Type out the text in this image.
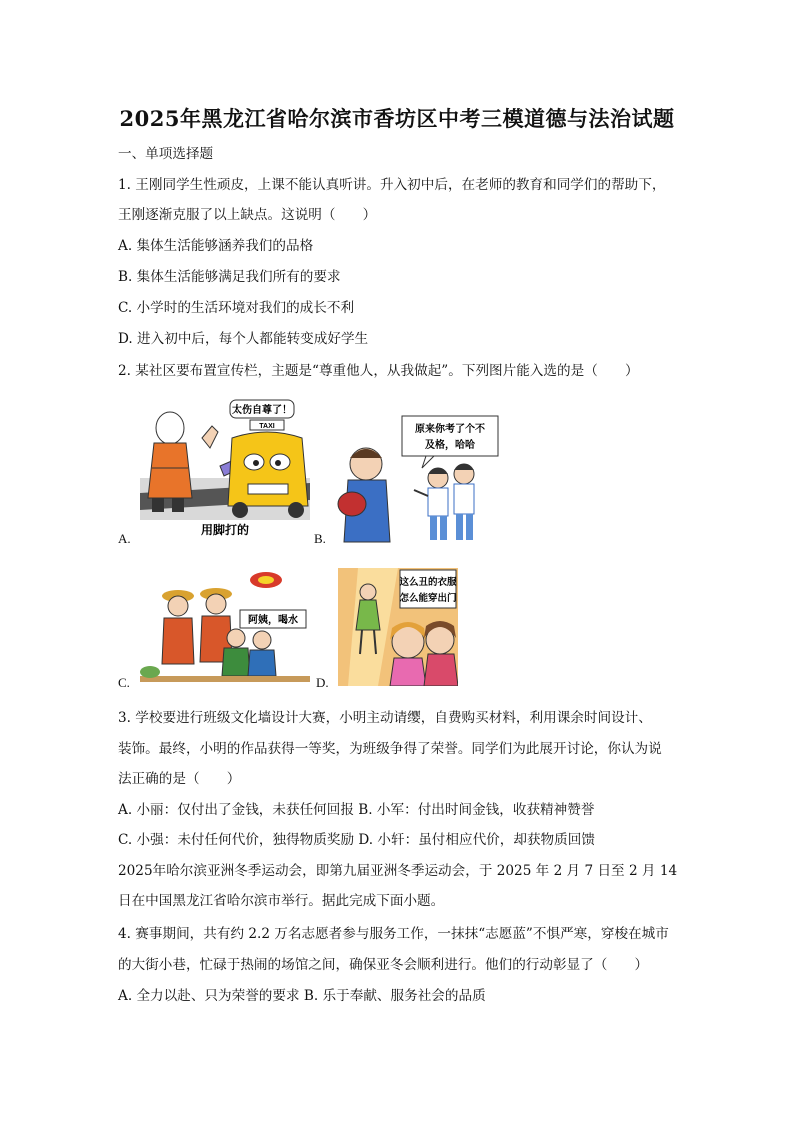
2025年黑龙江省哈尔滨市香坊区中考三模道德与法治试题
一、单项选择题
1. 王刚同学生性顽皮，上课不能认真听讲。升入初中后，在老师的教育和同学们的帮助下，
王刚逐渐克服了以上缺点。这说明（　　）
A. 集体生活能够涵养我们的品格
B. 集体生活能够满足我们所有的要求
C. 小学时的生活环境对我们的成长不利
D. 进入初中后，每个人都能转变成好学生
2. 某社区要布置宣传栏，主题是“尊重他人，从我做起”。下列图片能入选的是（　　）
A.
TAXI
太伤自尊了！
用脚打的
B.
原来你考了个不
及格，哈哈
C.
阿姨，喝水
D.
这么丑的衣服
怎么能穿出门
3. 学校要进行班级文化墙设计大赛，小明主动请缨，自费购买材料，利用课余时间设计、
装饰。最终，小明的作品获得一等奖，为班级争得了荣誉。同学们为此展开讨论，你认为说
法正确的是（　　）
A. 小丽：仅付出了金钱，未获任何回报 B. 小军：付出时间金钱，收获精神赞誉
C. 小强：未付任何代价，独得物质奖励 D. 小轩：虽付相应代价，却获物质回馈
2025年哈尔滨亚洲冬季运动会，即第九届亚洲冬季运动会，于 2025 年 2 月 7 日至 2 月 14
日在中国黑龙江省哈尔滨市举行。据此完成下面小题。
4. 赛事期间，共有约 2.2 万名志愿者参与服务工作，一抹抹“志愿蓝”不惧严寒，穿梭在城市
的大街小巷，忙碌于热闹的场馆之间，确保亚冬会顺利进行。他们的行动彰显了（　　）
A. 全力以赴、只为荣誉的要求 B. 乐于奉献、服务社会的品质
